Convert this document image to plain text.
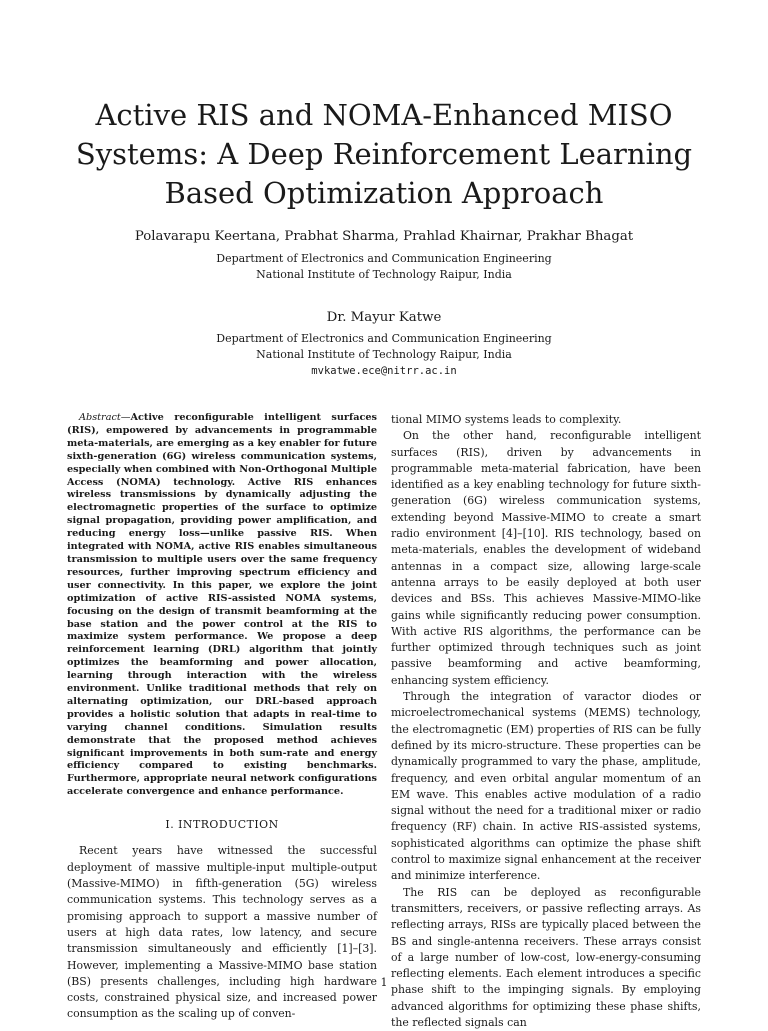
Active RIS and NOMA-Enhanced MISO
Systems: A Deep Reinforcement Learning
Based Optimization Approach
Polavarapu Keertana, Prabhat Sharma, Prahlad Khairnar, Prakhar Bhagat
Department of Electronics and Communication Engineering
National Institute of Technology Raipur, India
Dr. Mayur Katwe
Department of Electronics and Communication Engineering
National Institute of Technology Raipur, India
mvkatwe.ece@nitrr.ac.in

Abstract—Active reconfigurable intelligent surfaces (RIS), empowered by advancements in programmable meta-materials, are emerging as a key enabler for future sixth-generation (6G) wireless communication systems, especially when combined with Non-Orthogonal Multiple Access (NOMA) technology. Active RIS enhances wireless transmissions by dynamically adjusting the electromagnetic properties of the surface to optimize signal propagation, providing power amplification, and reducing energy loss—unlike passive RIS. When integrated with NOMA, active RIS enables simultaneous transmission to multiple users over the same frequency resources, further improving spectrum efficiency and user connectivity. In this paper, we explore the joint optimization of active RIS-assisted NOMA systems, focusing on the design of transmit beamforming at the base station and the power control at the RIS to maximize system performance. We propose a deep reinforcement learning (DRL) algorithm that jointly optimizes the beamforming and power allocation, learning through interaction with the wireless environment. Unlike traditional methods that rely on alternating optimization, our DRL-based approach provides a holistic solution that adapts in real-time to varying channel conditions. Simulation results demonstrate that the proposed method achieves significant improvements in both sum-rate and energy efficiency compared to existing benchmarks. Furthermore, appropriate neural network configurations accelerate convergence and enhance performance.

I. INTRODUCTION

Recent years have witnessed the successful deployment of massive multiple-input multiple-output (Massive-MIMO) in fifth-generation (5G) wireless communication systems. This technology serves as a promising approach to support a massive number of users at high data rates, low latency, and secure transmission simultaneously and efficiently [1]–[3]. However, implementing a Massive-MIMO base station (BS) presents challenges, including high hardware costs, constrained physical size, and increased power consumption as the scaling up of conven-

tional MIMO systems leads to complexity.

On the other hand, reconfigurable intelligent surfaces (RIS), driven by advancements in programmable meta-material fabrication, have been identified as a key enabling technology for future sixth-generation (6G) wireless communication systems, extending beyond Massive-MIMO to create a smart radio environment [4]–[10]. RIS technology, based on meta-materials, enables the development of wideband antennas in a compact size, allowing large-scale antenna arrays to be easily deployed at both user devices and BSs. This achieves Massive-MIMO-like gains while significantly reducing power consumption. With active RIS algorithms, the performance can be further optimized through techniques such as joint passive beamforming and active beamforming, enhancing system efficiency.

Through the integration of varactor diodes or microelectromechanical systems (MEMS) technology, the electromagnetic (EM) properties of RIS can be fully defined by its micro-structure. These properties can be dynamically programmed to vary the phase, amplitude, frequency, and even orbital angular momentum of an EM wave. This enables active modulation of a radio signal without the need for a traditional mixer or radio frequency (RF) chain. In active RIS-assisted systems, sophisticated algorithms can optimize the phase shift control to maximize signal enhancement at the receiver and minimize interference.

The RIS can be deployed as reconfigurable transmitters, receivers, or passive reflecting arrays. As reflecting arrays, RISs are typically placed between the BS and single-antenna receivers. These arrays consist of a large number of low-cost, low-energy-consuming reflecting elements. Each element introduces a specific phase shift to the impinging signals. By employing advanced algorithms for optimizing these phase shifts, the reflected signals can

1
